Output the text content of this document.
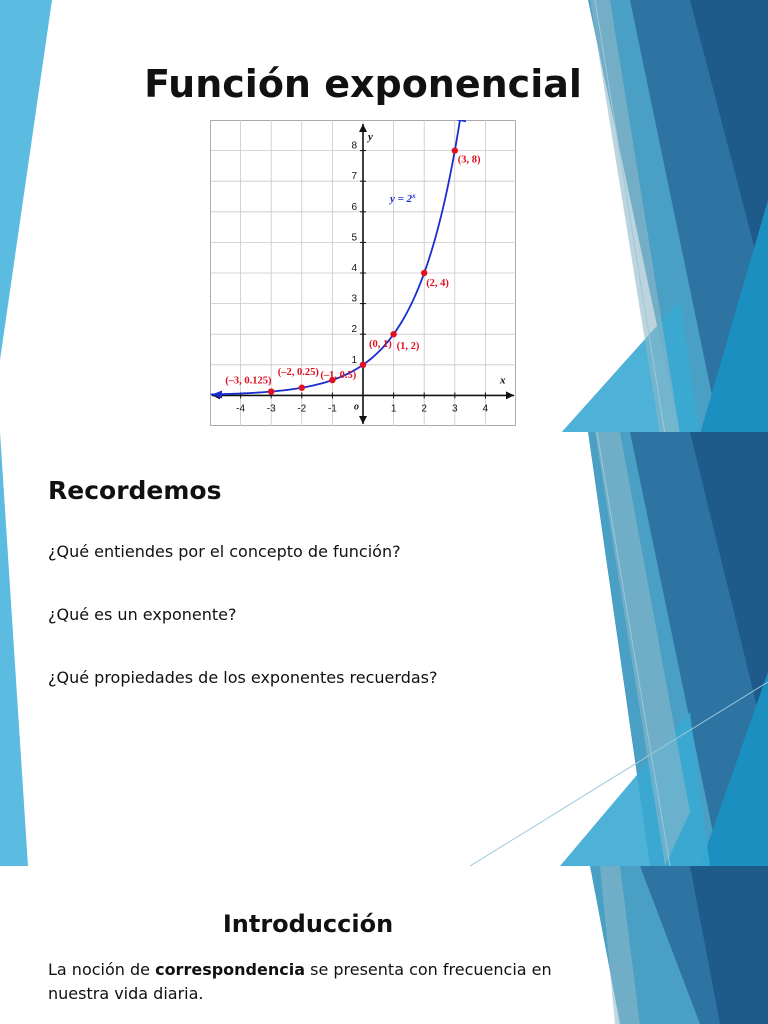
Función exponencial
x
y
o
-4 -3 -2 -1	1	2	3	4
1
2
3
4
5
6
7
8
(–3, 0.125)
(–2, 0.25) (–1, 0.5)
(0, 1) (1, 2)
(2, 4)
(3, 8)
$y = 2^x$
Recordemos
¿Qué entiendes por el concepto de función?
¿Qué es un exponente?
¿Qué propiedades de los exponentes recuerdas?
Introducción
La noción de correspondencia se presenta con frecuencia en nuestra vida diaria.
